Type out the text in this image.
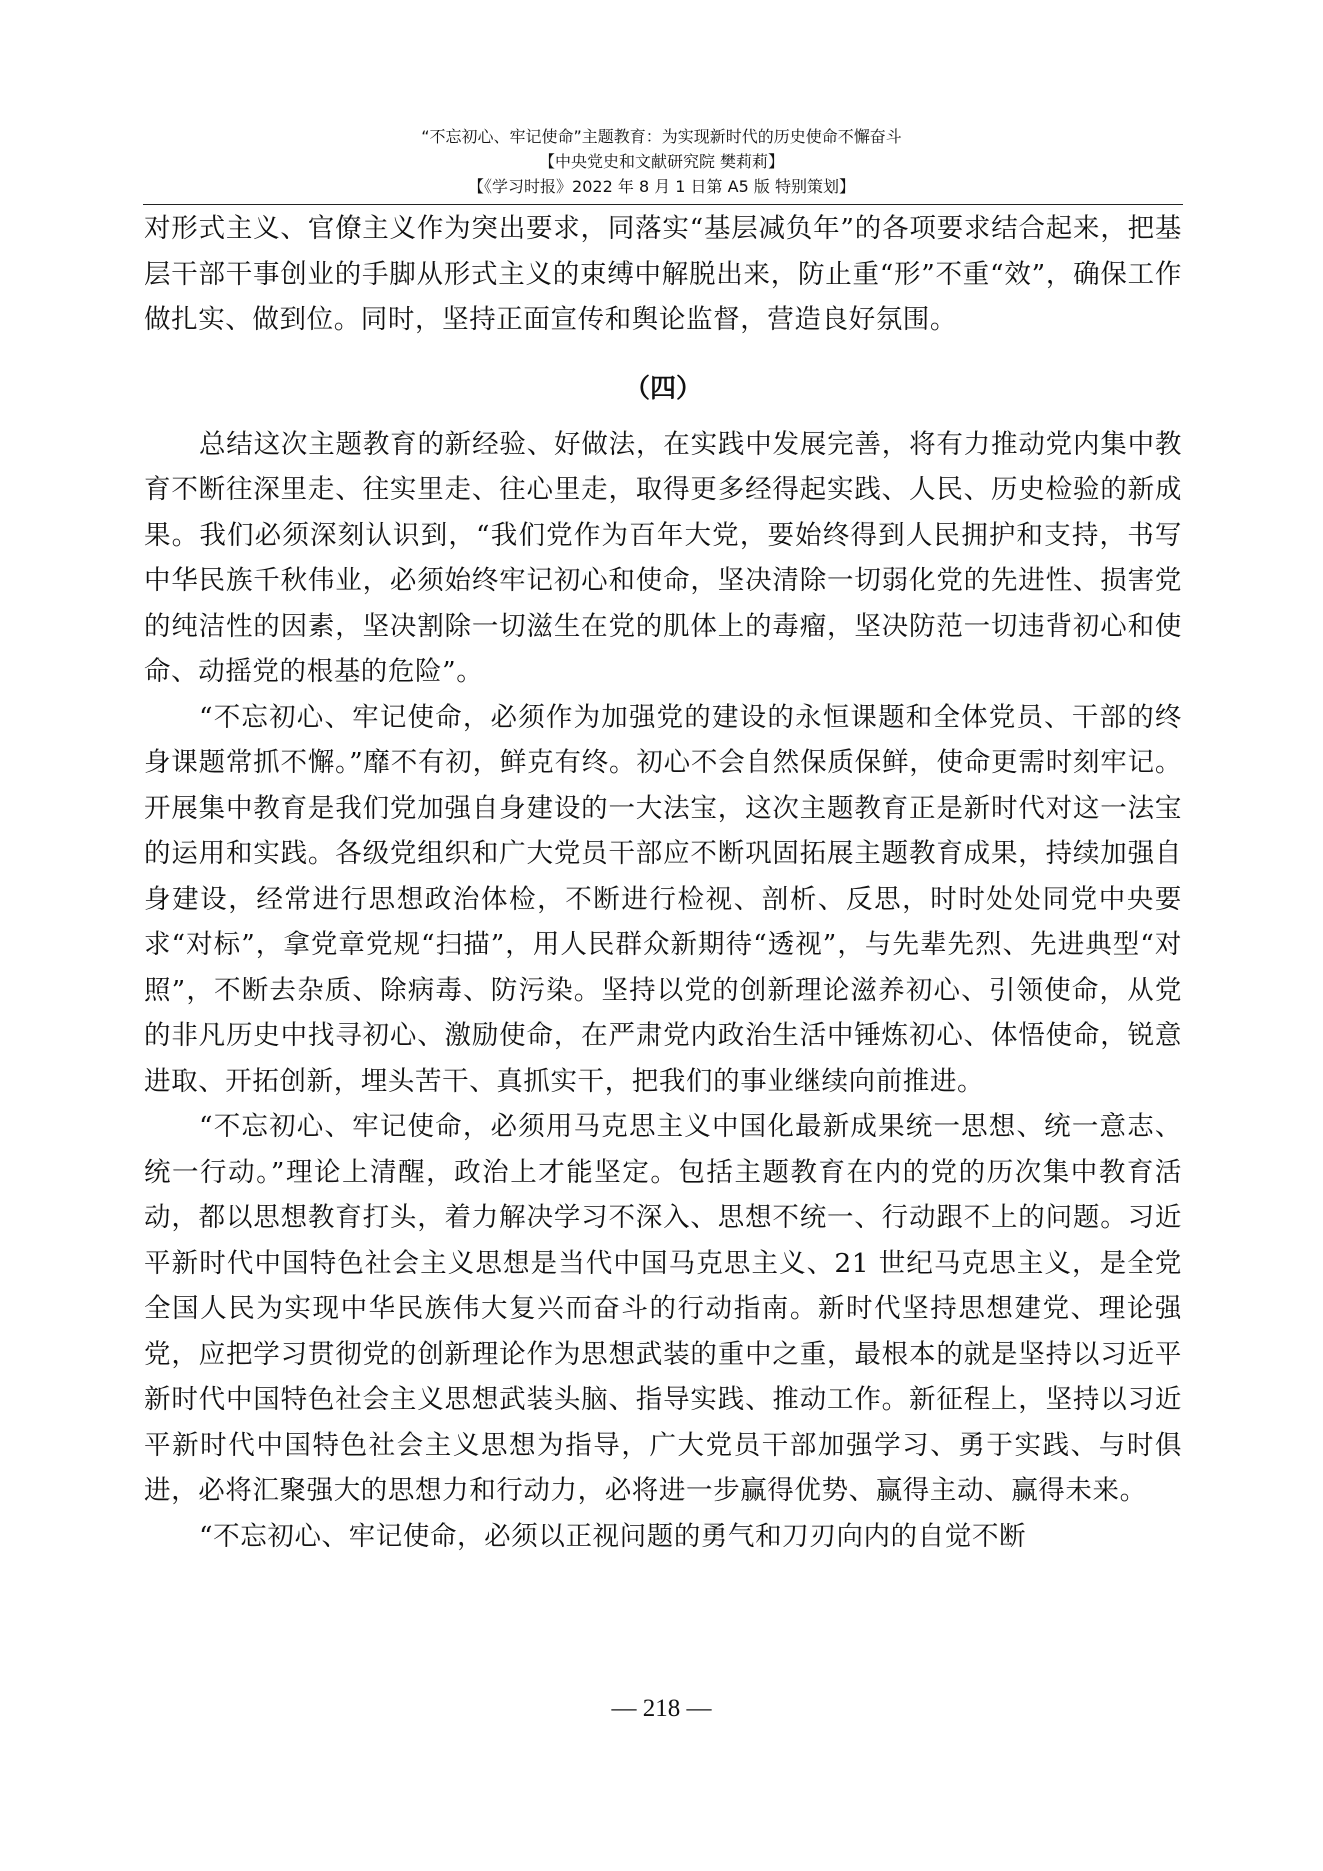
“不忘初心、牢记使命”主题教育：为实现新时代的历史使命不懈奋斗
【中央党史和文献研究院 樊莉莉】
【《学习时报》2022 年 8 月 1 日第 A5 版 特别策划】

对形式主义、官僚主义作为突出要求，同落实“基层减负年”的各项要求结合起来，把基层干部干事创业的手脚从形式主义的束缚中解脱出来，防止重“形”不重“效”，确保工作做扎实、做到位。同时，坚持正面宣传和舆论监督，营造良好氛围。

（四）

总结这次主题教育的新经验、好做法，在实践中发展完善，将有力推动党内集中教育不断往深里走、往实里走、往心里走，取得更多经得起实践、人民、历史检验的新成果。我们必须深刻认识到，“我们党作为百年大党，要始终得到人民拥护和支持，书写中华民族千秋伟业，必须始终牢记初心和使命，坚决清除一切弱化党的先进性、损害党的纯洁性的因素，坚决割除一切滋生在党的肌体上的毒瘤，坚决防范一切违背初心和使命、动摇党的根基的危险”。

“不忘初心、牢记使命，必须作为加强党的建设的永恒课题和全体党员、干部的终身课题常抓不懈。”靡不有初，鲜克有终。初心不会自然保质保鲜，使命更需时刻牢记。开展集中教育是我们党加强自身建设的一大法宝，这次主题教育正是新时代对这一法宝的运用和实践。各级党组织和广大党员干部应不断巩固拓展主题教育成果，持续加强自身建设，经常进行思想政治体检，不断进行检视、剖析、反思，时时处处同党中央要求“对标”，拿党章党规“扫描”，用人民群众新期待“透视”，与先辈先烈、先进典型“对照”，不断去杂质、除病毒、防污染。坚持以党的创新理论滋养初心、引领使命，从党的非凡历史中找寻初心、激励使命，在严肃党内政治生活中锤炼初心、体悟使命，锐意进取、开拓创新，埋头苦干、真抓实干，把我们的事业继续向前推进。

“不忘初心、牢记使命，必须用马克思主义中国化最新成果统一思想、统一意志、统一行动。”理论上清醒，政治上才能坚定。包括主题教育在内的党的历次集中教育活动，都以思想教育打头，着力解决学习不深入、思想不统一、行动跟不上的问题。习近平新时代中国特色社会主义思想是当代中国马克思主义、21 世纪马克思主义，是全党全国人民为实现中华民族伟大复兴而奋斗的行动指南。新时代坚持思想建党、理论强党，应把学习贯彻党的创新理论作为思想武装的重中之重，最根本的就是坚持以习近平新时代中国特色社会主义思想武装头脑、指导实践、推动工作。新征程上，坚持以习近平新时代中国特色社会主义思想为指导，广大党员干部加强学习、勇于实践、与时俱进，必将汇聚强大的思想力和行动力，必将进一步赢得优势、赢得主动、赢得未来。

“不忘初心、牢记使命，必须以正视问题的勇气和刀刃向内的自觉不断

— 218 —
